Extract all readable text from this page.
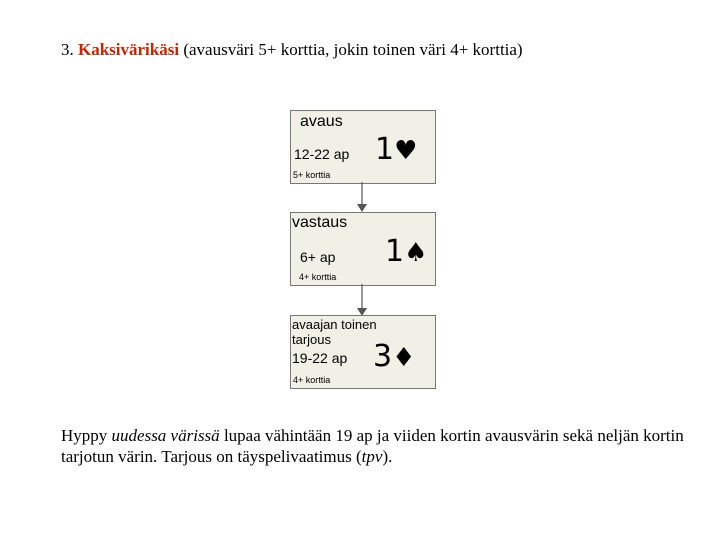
3. Kaksivärikäsi (avausväri 5+ korttia, jokin toinen väri 4+ korttia)
avaus
12-22 ap
5+ korttia
1♥
vastaus
6+ ap
4+ korttia
1♠
avaajan toinen tarjous
19-22 ap
4+ korttia
3♦
Hyppy uudessa värissä lupaa vähintään 19 ap ja viiden kortin avausvärin sekä neljän kortin tarjotun värin. Tarjous on täyspelivaatimus (tpv).
